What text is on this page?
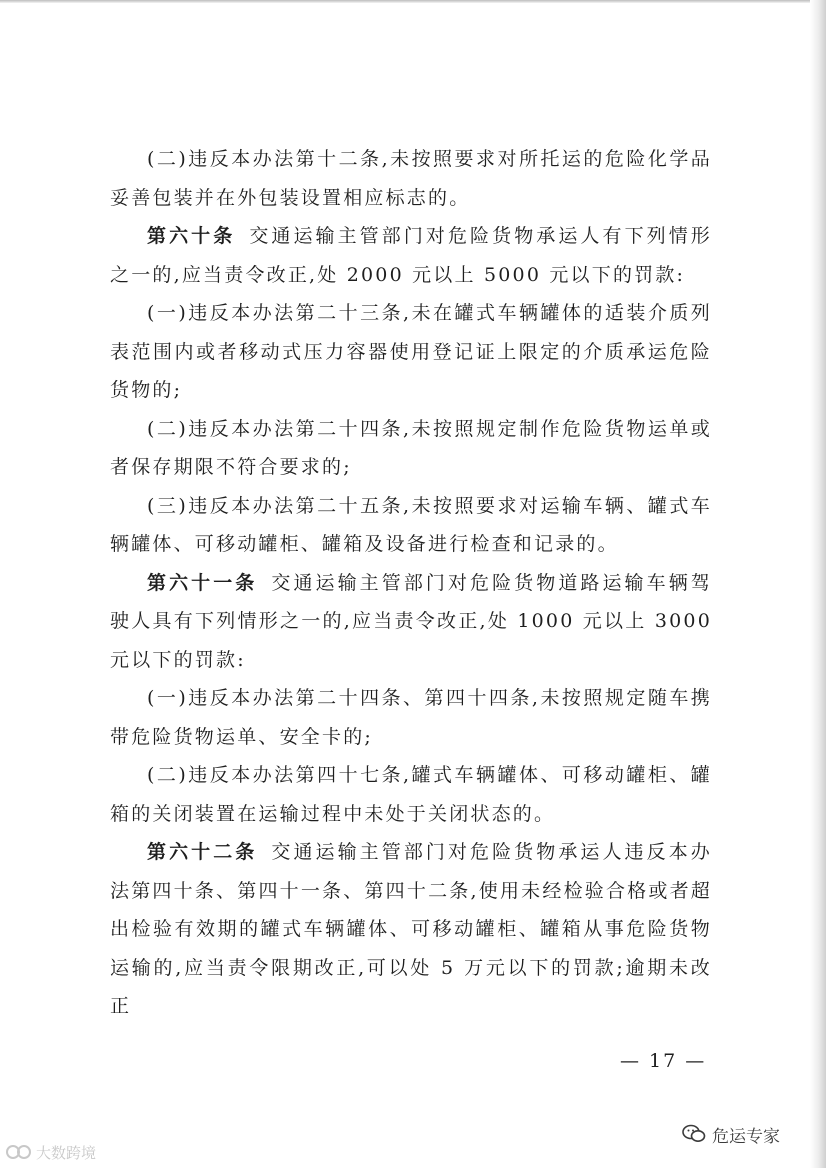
(二)违反本办法第十二条,未按照要求对所托运的危险化学品妥善包装并在外包装设置相应标志的。

第六十条 交通运输主管部门对危险货物承运人有下列情形之一的,应当责令改正,处 2000 元以上 5000 元以下的罚款:

(一)违反本办法第二十三条,未在罐式车辆罐体的适装介质列表范围内或者移动式压力容器使用登记证上限定的介质承运危险货物的;

(二)违反本办法第二十四条,未按照规定制作危险货物运单或者保存期限不符合要求的;

(三)违反本办法第二十五条,未按照要求对运输车辆、罐式车辆罐体、可移动罐柜、罐箱及设备进行检查和记录的。

第六十一条 交通运输主管部门对危险货物道路运输车辆驾驶人具有下列情形之一的,应当责令改正,处 1000 元以上 3000 元以下的罚款:

(一)违反本办法第二十四条、第四十四条,未按照规定随车携带危险货物运单、安全卡的;

(二)违反本办法第四十七条,罐式车辆罐体、可移动罐柜、罐箱的关闭装置在运输过程中未处于关闭状态的。

第六十二条 交通运输主管部门对危险货物承运人违反本办法第四十条、第四十一条、第四十二条,使用未经检验合格或者超出检验有效期的罐式车辆罐体、可移动罐柜、罐箱从事危险货物运输的,应当责令限期改正,可以处 5 万元以下的罚款;逾期未改正

— 17 —
大数跨境
危运专家
